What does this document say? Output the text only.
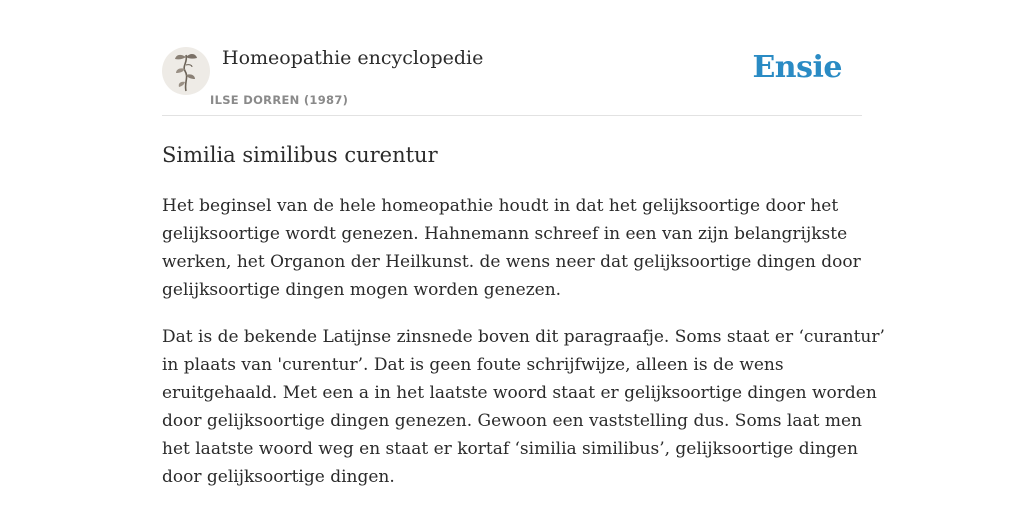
Homeopathie encyclopedie
ILSE DORREN (1987)
Ensie
Similia similibus curentur

Het beginsel van de hele homeopathie houdt in dat het gelijksoortige door het
gelijksoortige wordt genezen. Hahnemann schreef in een van zijn belangrijkste
werken, het Organon der Heilkunst. de wens neer dat gelijksoortige dingen door
gelijksoortige dingen mogen worden genezen.

Dat is de bekende Latijnse zinsnede boven dit paragraafje. Soms staat er ‘curantur’
in plaats van 'curentur’. Dat is geen foute schrijfwijze, alleen is de wens
eruitgehaald. Met een a in het laatste woord staat er gelijksoortige dingen worden
door gelijksoortige dingen genezen. Gewoon een vaststelling dus. Soms laat men
het laatste woord weg en staat er kortaf ‘similia similibus’, gelijksoortige dingen
door gelijksoortige dingen.
